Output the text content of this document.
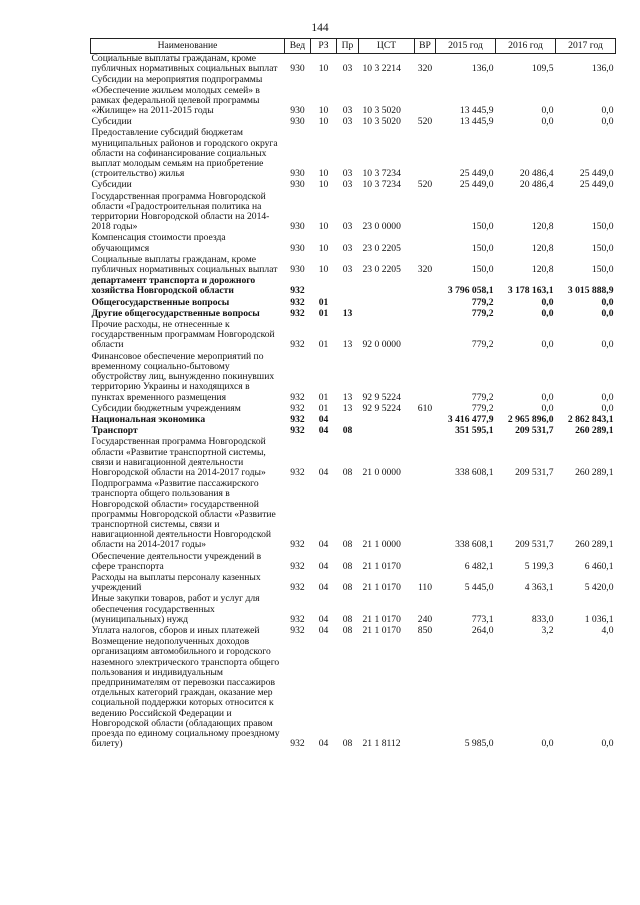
144
Наименование	Вед	РЗ	Пр	ЦСТ	ВР	2015 год	2016 год	2017 год
Социальные выплаты гражданам, кроме публичных нормативных социальных выплат	930	10	03	10 3 2214	320	136,0	109,5	136,0
Субсидии на мероприятия подпрограммы «Обеспечение жильем молодых семей» в рамках федеральной целевой программы «Жилище» на 2011-2015 годы	930	10	03	10 3 5020		13 445,9	0,0	0,0
Субсидии	930	10	03	10 3 5020	520	13 445,9	0,0	0,0
Предоставление субсидий бюджетам муниципальных районов и городского округа области на софинансирование социальных выплат молодым семьям на приобретение (строительство) жилья	930	10	03	10 3 7234		25 449,0	20 486,4	25 449,0
Субсидии	930	10	03	10 3 7234	520	25 449,0	20 486,4	25 449,0
Государственная программа Новгородской области «Градостроительная политика на территории Новгородской области на 2014-2018 годы»	930	10	03	23 0 0000		150,0	120,8	150,0
Компенсация стоимости проезда обучающимся	930	10	03	23 0 2205		150,0	120,8	150,0
Социальные выплаты гражданам, кроме публичных нормативных социальных выплат	930	10	03	23 0 2205	320	150,0	120,8	150,0
департамент транспорта и дорожного хозяйства Новгородской области	932					3 796 058,1	3 178 163,1	3 015 888,9
Общегосударственные вопросы	932	01				779,2	0,0	0,0
Другие общегосударственные вопросы	932	01	13			779,2	0,0	0,0
Прочие расходы, не отнесенные к государственным программам Новгородской области	932	01	13	92 0 0000		779,2	0,0	0,0
Финансовое обеспечение мероприятий по временному социально-бытовому обустройству лиц, вынужденно покинувших территорию Украины и находящихся в пунктах временного размещения	932	01	13	92 9 5224		779,2	0,0	0,0
Субсидии бюджетным учреждениям	932	01	13	92 9 5224	610	779,2	0,0	0,0
Национальная экономика	932	04				3 416 477,9	2 965 896,0	2 862 843,1
Транспорт	932	04	08			351 595,1	209 531,7	260 289,1
Государственная программа Новгородской области «Развитие транспортной системы, связи и навигационной деятельности Новгородской области на 2014-2017 годы»	932	04	08	21 0 0000		338 608,1	209 531,7	260 289,1
Подпрограмма «Развитие пассажирского транспорта общего пользования в Новгородской области» государственной программы Новгородской области «Развитие транспортной системы, связи и навигационной деятельности Новгородской области на 2014-2017 годы»	932	04	08	21 1 0000		338 608,1	209 531,7	260 289,1
Обеспечение деятельности учреждений в сфере транспорта	932	04	08	21 1 0170		6 482,1	5 199,3	6 460,1
Расходы на выплаты персоналу казенных учреждений	932	04	08	21 1 0170	110	5 445,0	4 363,1	5 420,0
Иные закупки товаров, работ и услуг для обеспечения государственных (муниципальных) нужд	932	04	08	21 1 0170	240	773,1	833,0	1 036,1
Уплата налогов, сборов и иных платежей	932	04	08	21 1 0170	850	264,0	3,2	4,0
Возмещение недополученных доходов организациям автомобильного и городского наземного электрического транспорта общего пользования и индивидуальным предпринимателям от перевозки пассажиров отдельных категорий граждан, оказание мер социальной поддержки которых относится к ведению Российской Федерации и Новгородской области (обладающих правом проезда по единому социальному проездному билету)	932	04	08	21 1 8112		5 985,0	0,0	0,0
